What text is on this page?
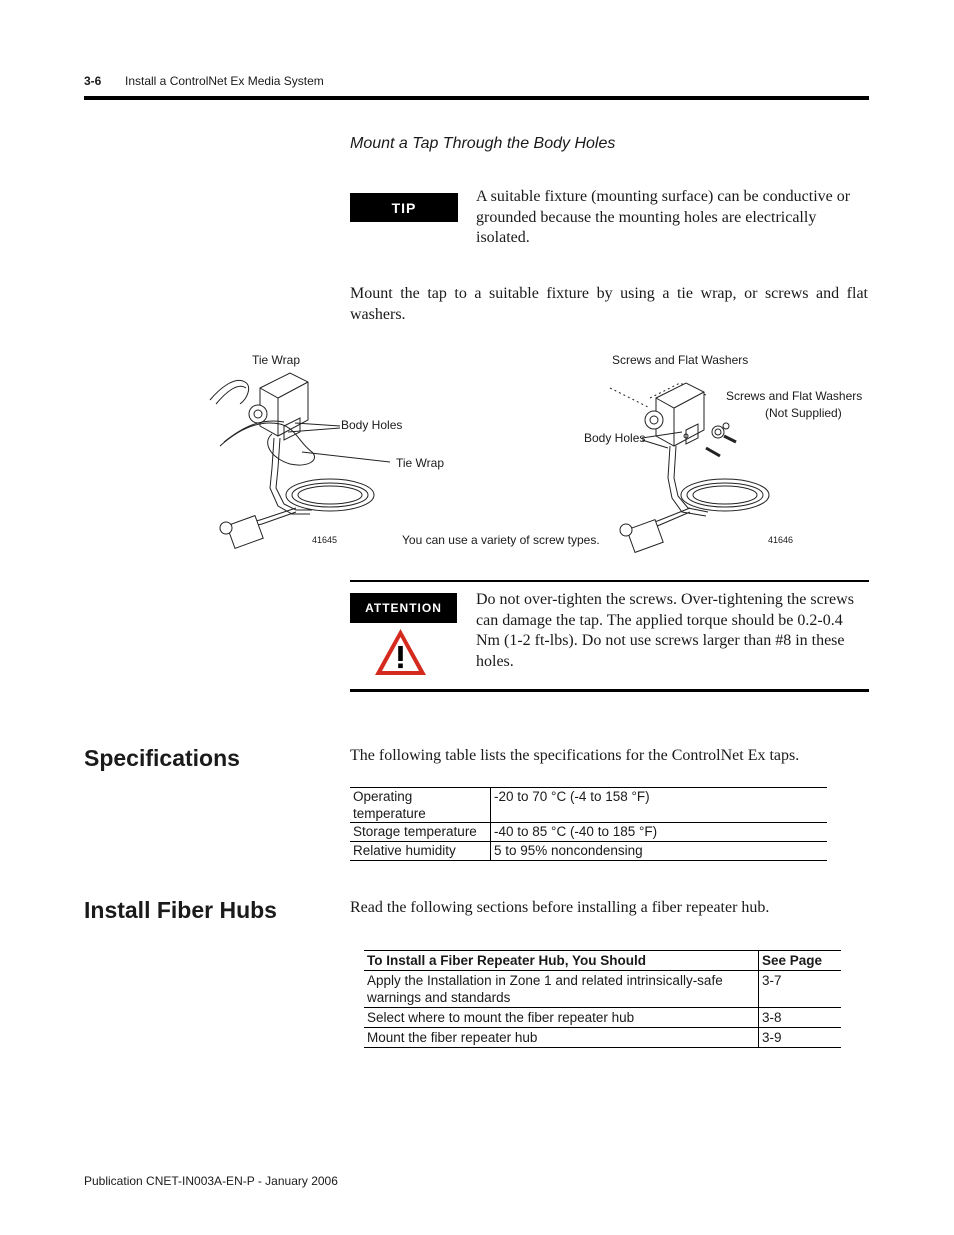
3-6 Install a ControlNet Ex Media System
Mount a Tap Through the Body Holes
TIP
A suitable fixture (mounting surface) can be conductive or grounded because the mounting holes are electrically isolated.
Mount the tap to a suitable fixture by using a tie wrap, or screws and flat washers.
Tie Wrap
Body Holes
Tie Wrap
41645
Screws and Flat Washers
Screws and Flat Washers
(Not Supplied)
Body Holes
You can use a variety of screw types.	41646
ATTENTION	Do not over-tighten the screws. Over-tightening the screws can damage the tap. The applied torque should be 0.2-0.4 Nm (1-2 ft-lbs). Do not use screws larger than #8 in these holes.
Specifications	The following table lists the specifications for the ControlNet Ex taps.
Operating temperature	-20 to 70 °C (-4 to 158 °F)
Storage temperature	-40 to 85 °C (-40 to 185 °F)
Relative humidity	5 to 95% noncondensing
Install Fiber Hubs	Read the following sections before installing a fiber repeater hub.
To Install a Fiber Repeater Hub, You Should	See Page
Apply the Installation in Zone 1 and related intrinsically-safe warnings and standards	3-7
Select where to mount the fiber repeater hub	3-8
Mount the fiber repeater hub	3-9
Publication CNET-IN003A-EN-P - January 2006
